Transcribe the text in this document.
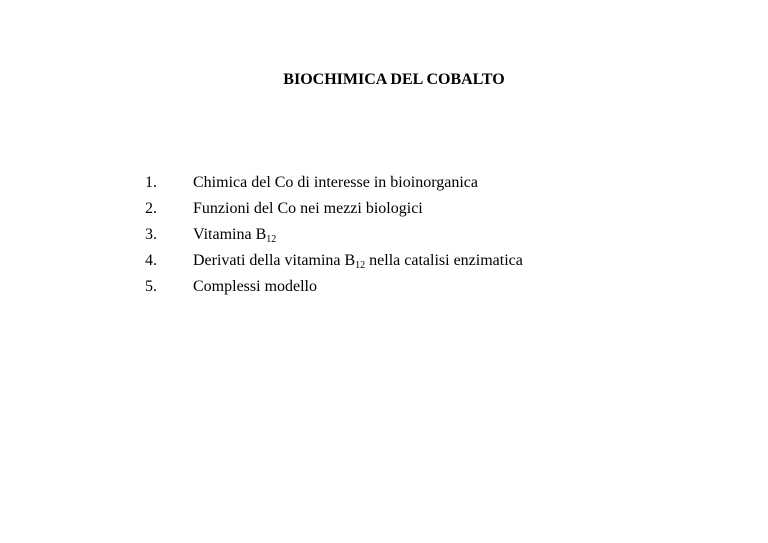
BIOCHIMICA DEL COBALTO
1.	Chimica del Co di interesse in bioinorganica
2.	Funzioni del Co nei mezzi biologici
3.	Vitamina $B_{12}$
4.	Derivati della vitamina $B_{12}$ nella catalisi enzimatica
5.	Complessi modello
